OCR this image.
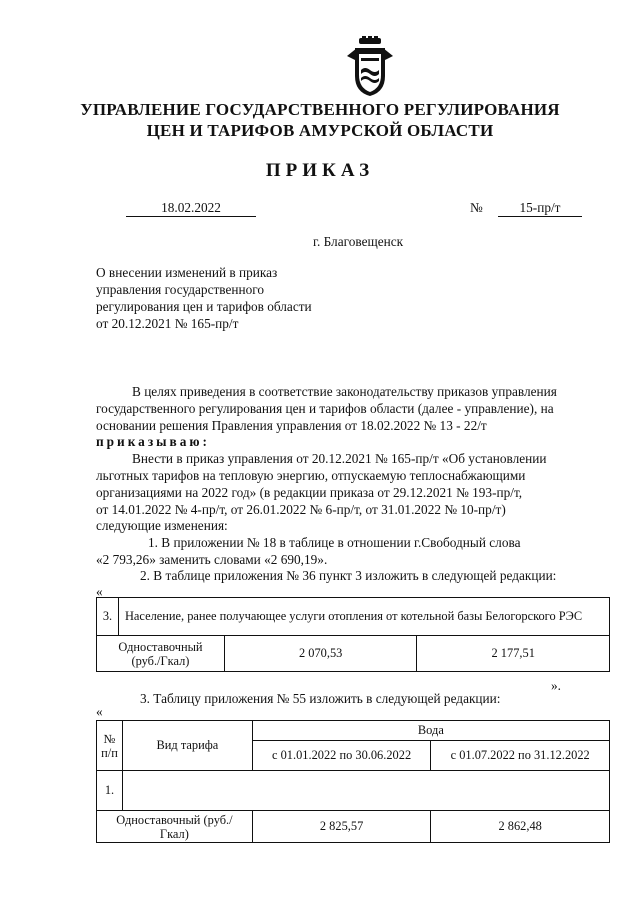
УПРАВЛЕНИЕ ГОСУДАРСТВЕННОГО РЕГУЛИРОВАНИЯ
ЦЕН И ТАРИФОВ АМУРСКОЙ ОБЛАСТИ
ПРИКАЗ
18.02.2022	№	15-пр/т
г. Благовещенск
О внесении изменений в приказ
управления государственного
регулирования цен и тарифов области
от 20.12.2021 № 165-пр/т
В целях приведения в соответствие законодательству приказов управления
государственного регулирования цен и тарифов области (далее - управление), на
основании решения Правления управления от 18.02.2022 № 13 - 22/т
приказываю:
Внести в приказ управления от 20.12.2021 № 165-пр/т «Об установлении
льготных тарифов на тепловую энергию, отпускаемую теплоснабжающими
организациями на 2022 год» (в редакции приказа от 29.12.2021 № 193-пр/т,
от 14.01.2022 № 4-пр/т, от 26.01.2022 № 6-пр/т, от 31.01.2022 № 10-пр/т)
следующие изменения:
1. В приложении № 18 в таблице в отношении г.Свободный слова
«2 793,26» заменить словами «2 690,19».
2. В таблице приложения № 36 пункт 3 изложить в следующей редакции:
«
3.	Население, ранее получающее услуги отопления от котельной базы Белогорского РЭС		
Одноставочный (руб./Гкал)		2 070,53	2 177,51
».
3. Таблицу приложения № 55 изложить в следующей редакции:
«
№ п/п	Вид тарифа	Вода	
		с 01.01.2022 по 30.06.2022	с 01.07.2022 по 31.12.2022
1.			
Одноставочный (руб./Гкал)		2 825,57	2 862,48
